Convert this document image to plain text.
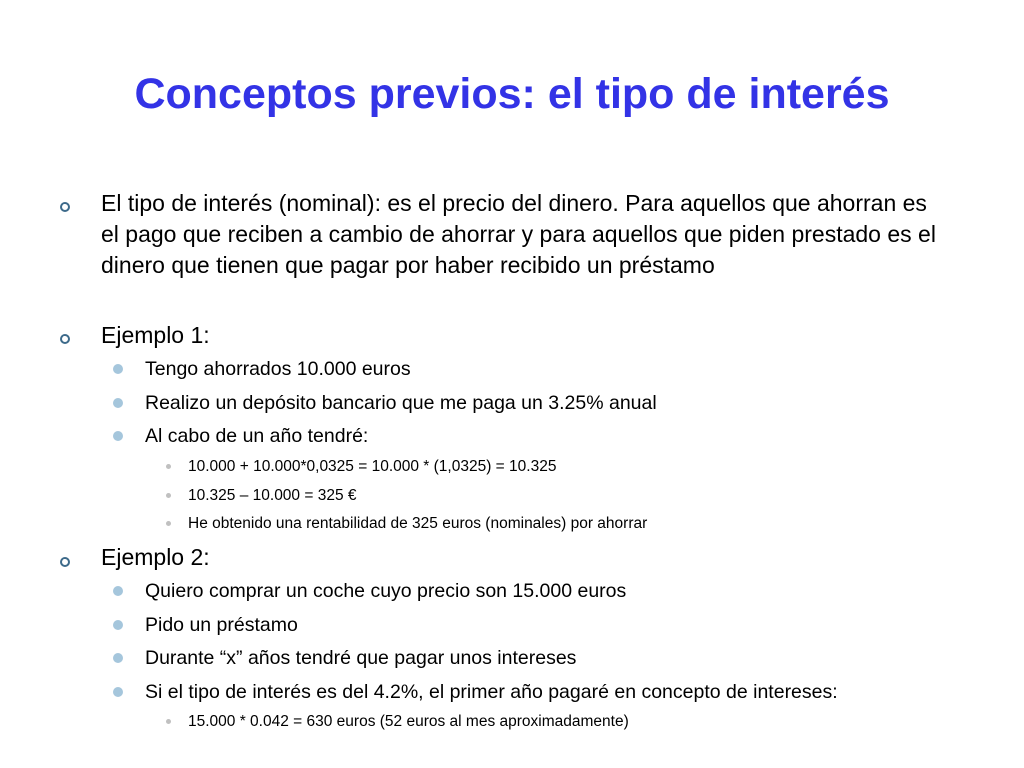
Conceptos previos: el tipo de interés

El tipo de interés (nominal): es el precio del dinero. Para aquellos que ahorran es el pago que reciben a cambio de ahorrar y para aquellos que piden prestado es el dinero que tienen que pagar por haber recibido un préstamo

Ejemplo 1:

Tengo ahorrados 10.000 euros

Realizo un depósito bancario que me paga un 3.25% anual

Al cabo de un año tendré:

10.000 + 10.000*0,0325 = 10.000 * (1,0325) = 10.325

10.325 – 10.000 = 325 €

He obtenido una rentabilidad de 325 euros (nominales) por ahorrar

Ejemplo 2:

Quiero comprar un coche cuyo precio son 15.000 euros

Pido un préstamo

Durante “x” años tendré que pagar unos intereses

Si el tipo de interés es del 4.2%, el primer año pagaré en concepto de intereses:

15.000 * 0.042 = 630 euros (52 euros al mes aproximadamente)
